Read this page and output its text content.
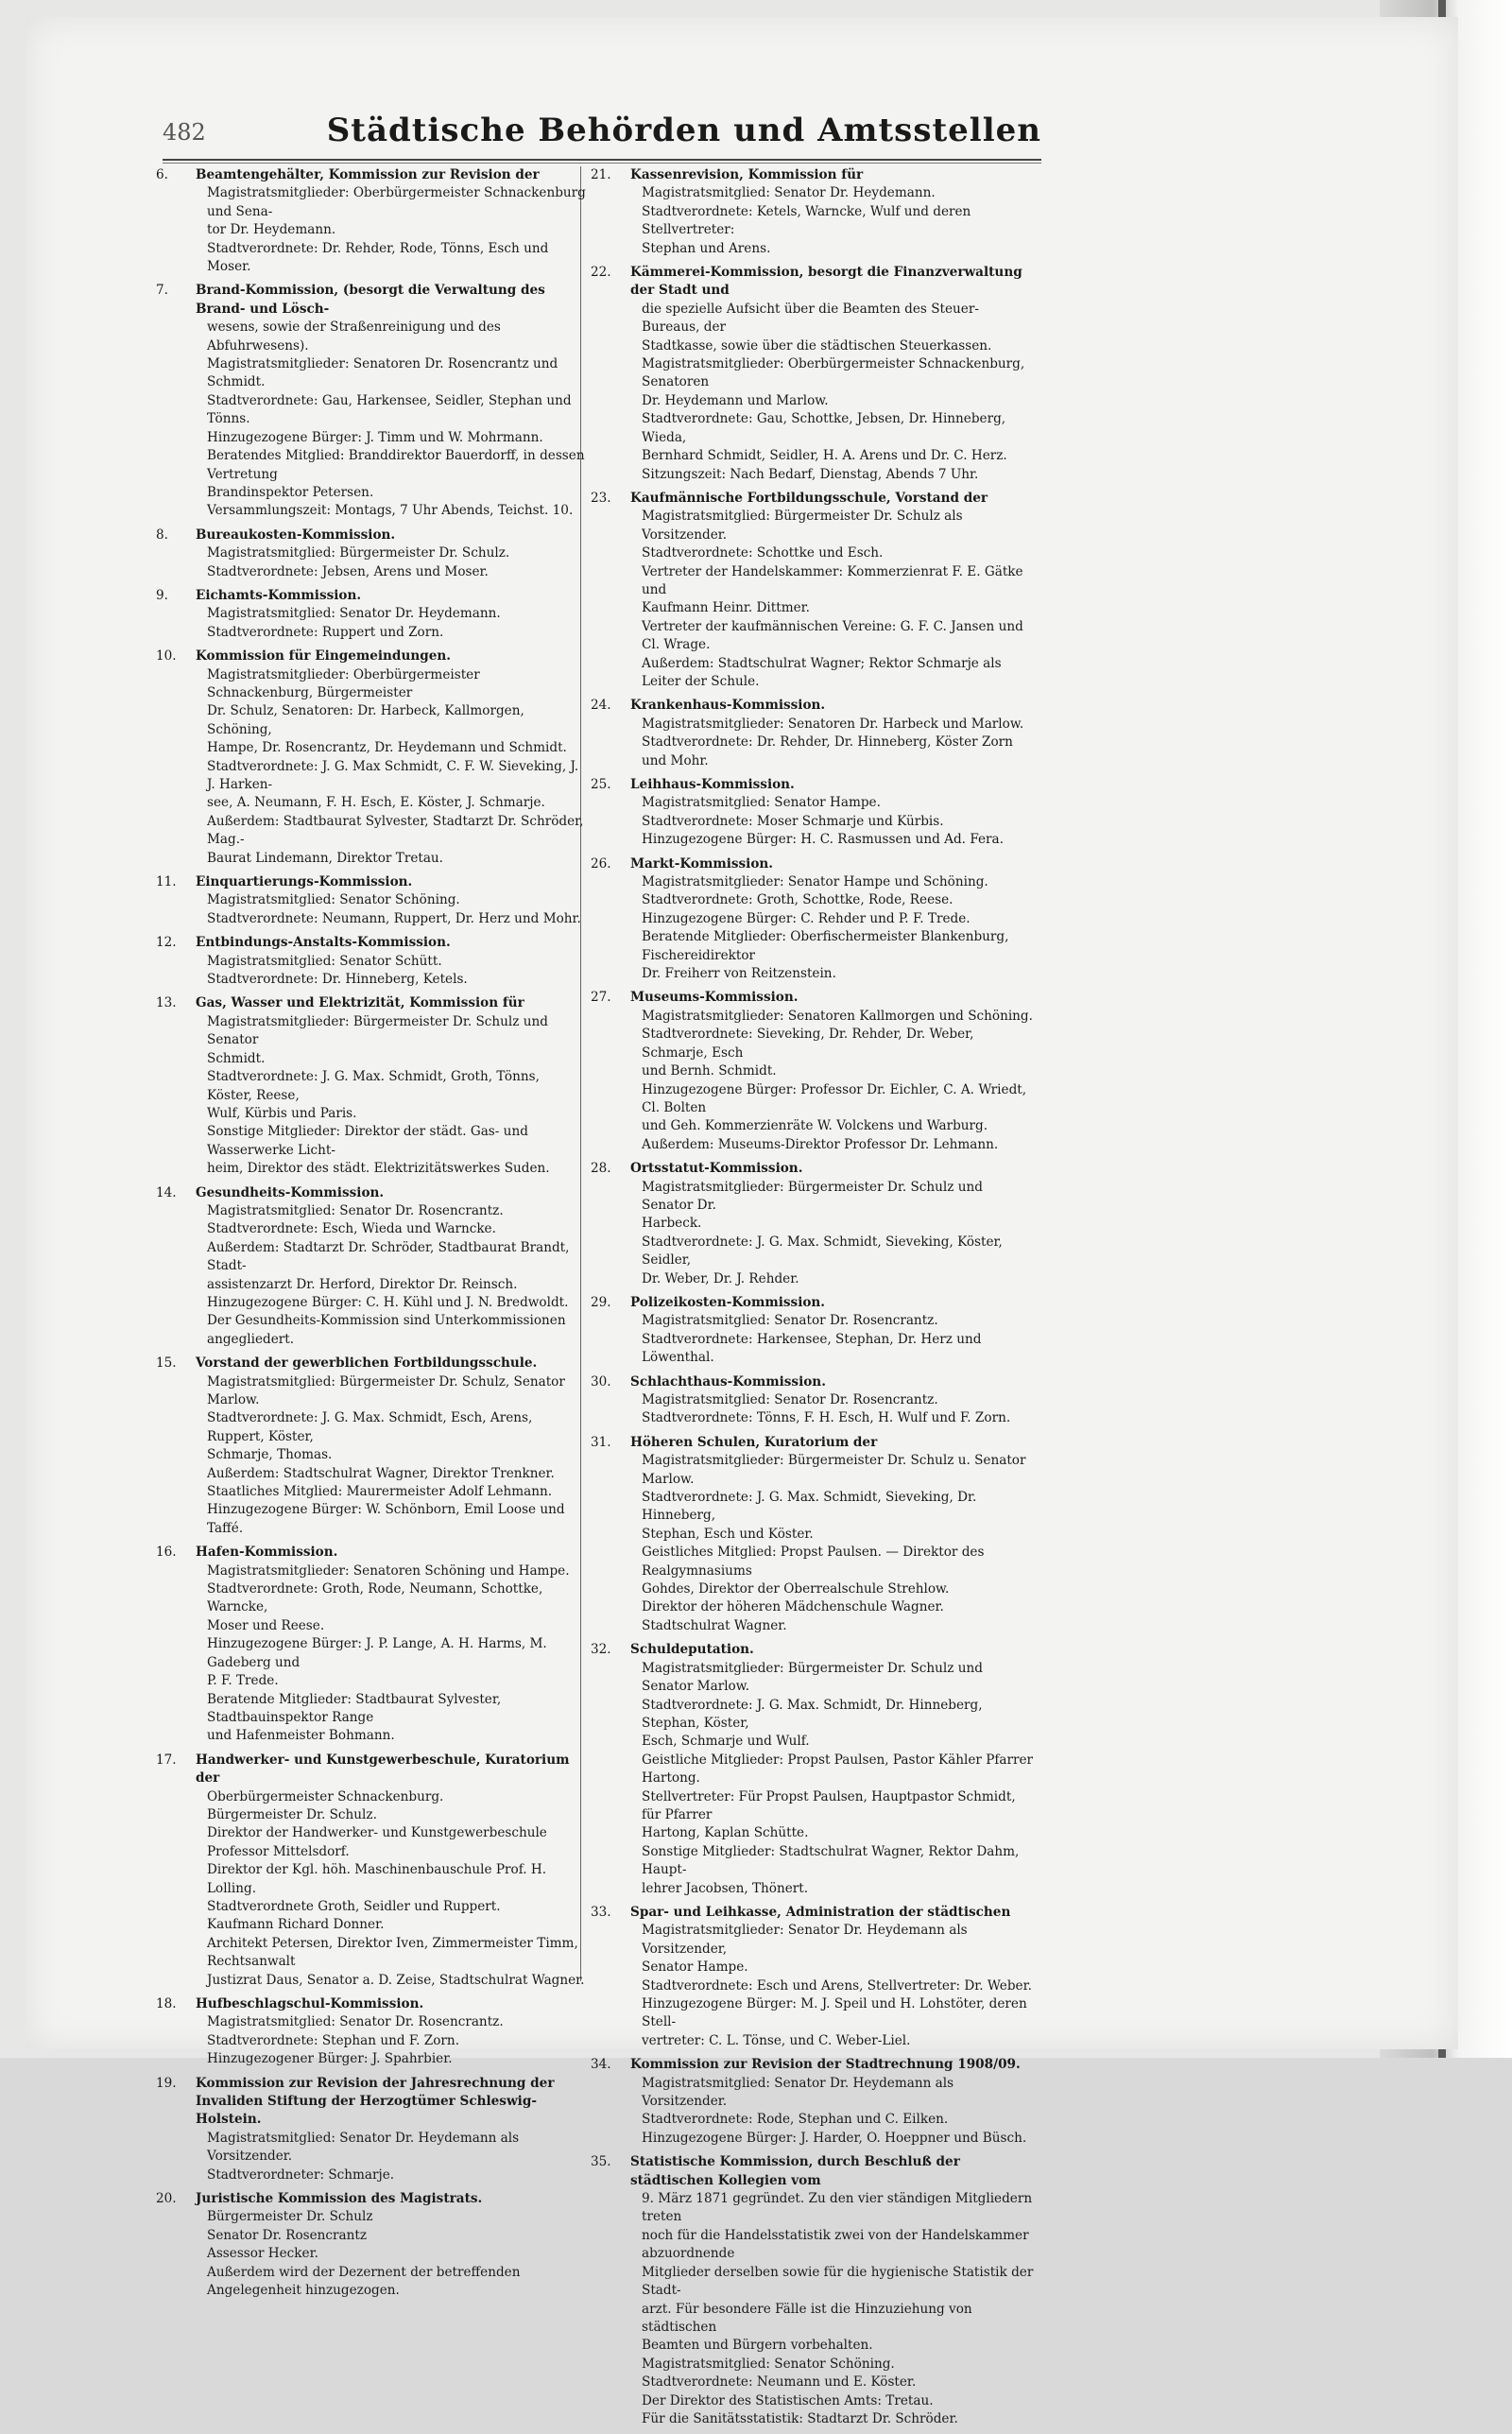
482	Städtische Behörden und Amtsstellen
6. Beamtengehälter, Kommission zur Revision der
Magistratsmitglieder: Oberbürgermeister Schnackenburg und Sena-
tor Dr. Heydemann.
Stadtverordnete: Dr. Rehder, Rode, Tönns, Esch und Moser.
7. Brand-Kommission, (besorgt die Verwaltung des Brand- und Lösch-
wesens, sowie der Straßenreinigung und des Abfuhrwesens).
Magistratsmitglieder: Senatoren Dr. Rosencrantz und Schmidt.
Stadtverordnete: Gau, Harkensee, Seidler, Stephan und Tönns.
Hinzugezogene Bürger: J. Timm und W. Mohrmann.
Beratendes Mitglied: Branddirektor Bauerdorff, in dessen Vertretung
Brandinspektor Petersen.
Versammlungszeit: Montags, 7 Uhr Abends, Teichst. 10.
8. Bureaukosten-Kommission.
Magistratsmitglied: Bürgermeister Dr. Schulz.
Stadtverordnete: Jebsen, Arens und Moser.
9. Eichamts-Kommission.
Magistratsmitglied: Senator Dr. Heydemann.
Stadtverordnete: Ruppert und Zorn.
10. Kommission für Eingemeindungen.
Magistratsmitglieder: Oberbürgermeister Schnackenburg, Bürgermeister
Dr. Schulz, Senatoren: Dr. Harbeck, Kallmorgen, Schöning,
Hampe, Dr. Rosencrantz, Dr. Heydemann und Schmidt.
Stadtverordnete: J. G. Max Schmidt, C. F. W. Sieveking, J. J. Harken-
see, A. Neumann, F. H. Esch, E. Köster, J. Schmarje.
Außerdem: Stadtbaurat Sylvester, Stadtarzt Dr. Schröder, Mag.-
Baurat Lindemann, Direktor Tretau.
11. Einquartierungs-Kommission.
Magistratsmitglied: Senator Schöning.
Stadtverordnete: Neumann, Ruppert, Dr. Herz und Mohr.
12. Entbindungs-Anstalts-Kommission.
Magistratsmitglied: Senator Schütt.
Stadtverordnete: Dr. Hinneberg, Ketels.
13. Gas, Wasser und Elektrizität, Kommission für
Magistratsmitglieder: Bürgermeister Dr. Schulz und Senator
Schmidt.
Stadtverordnete: J. G. Max. Schmidt, Groth, Tönns, Köster, Reese,
Wulf, Kürbis und Paris.
Sonstige Mitglieder: Direktor der städt. Gas- und Wasserwerke Licht-
heim, Direktor des städt. Elektrizitätswerkes Suden.
14. Gesundheits-Kommission.
Magistratsmitglied: Senator Dr. Rosencrantz.
Stadtverordnete: Esch, Wieda und Warncke.
Außerdem: Stadtarzt Dr. Schröder, Stadtbaurat Brandt, Stadt-
assistenzarzt Dr. Herford, Direktor Dr. Reinsch.
Hinzugezogene Bürger: C. H. Kühl und J. N. Bredwoldt.
Der Gesundheits-Kommission sind Unterkommissionen angegliedert.
15. Vorstand der gewerblichen Fortbildungsschule.
Magistratsmitglied: Bürgermeister Dr. Schulz, Senator Marlow.
Stadtverordnete: J. G. Max. Schmidt, Esch, Arens, Ruppert, Köster,
Schmarje, Thomas.
Außerdem: Stadtschulrat Wagner, Direktor Trenkner.
Staatliches Mitglied: Maurermeister Adolf Lehmann.
Hinzugezogene Bürger: W. Schönborn, Emil Loose und Taffé.
16. Hafen-Kommission.
Magistratsmitglieder: Senatoren Schöning und Hampe.
Stadtverordnete: Groth, Rode, Neumann, Schottke, Warncke,
Moser und Reese.
Hinzugezogene Bürger: J. P. Lange, A. H. Harms, M. Gadeberg und
P. F. Trede.
Beratende Mitglieder: Stadtbaurat Sylvester, Stadtbauinspektor Range
und Hafenmeister Bohmann.
17. Handwerker- und Kunstgewerbeschule, Kuratorium der
Oberbürgermeister Schnackenburg.
Bürgermeister Dr. Schulz.
Direktor der Handwerker- und Kunstgewerbeschule Professor Mittelsdorf.
Direktor der Kgl. höh. Maschinenbauschule Prof. H. Lolling.
Stadtverordnete Groth, Seidler und Ruppert.
Kaufmann Richard Donner.
Architekt Petersen, Direktor Iven, Zimmermeister Timm, Rechtsanwalt
Justizrat Daus, Senator a. D. Zeise, Stadtschulrat Wagner.
18. Hufbeschlagschul-Kommission.
Magistratsmitglied: Senator Dr. Rosencrantz.
Stadtverordnete: Stephan und F. Zorn.
Hinzugezogener Bürger: J. Spahrbier.
19. Kommission zur Revision der Jahresrechnung der Invaliden Stiftung der Herzogtümer Schleswig-Holstein.
Magistratsmitglied: Senator Dr. Heydemann als Vorsitzender.
Stadtverordneter: Schmarje.
20. Juristische Kommission des Magistrats.
Bürgermeister Dr. Schulz
Senator Dr. Rosencrantz
Assessor Hecker.
Außerdem wird der Dezernent der betreffenden Angelegenheit hinzugezogen.
21. Kassenrevision, Kommission für
Magistratsmitglied: Senator Dr. Heydemann.
Stadtverordnete: Ketels, Warncke, Wulf und deren Stellvertreter:
Stephan und Arens.
22. Kämmerei-Kommission, besorgt die Finanzverwaltung der Stadt und
die spezielle Aufsicht über die Beamten des Steuer-Bureaus, der
Stadtkasse, sowie über die städtischen Steuerkassen.
Magistratsmitglieder: Oberbürgermeister Schnackenburg, Senatoren
Dr. Heydemann und Marlow.
Stadtverordnete: Gau, Schottke, Jebsen, Dr. Hinneberg, Wieda,
Bernhard Schmidt, Seidler, H. A. Arens und Dr. C. Herz.
Sitzungszeit: Nach Bedarf, Dienstag, Abends 7 Uhr.
23. Kaufmännische Fortbildungsschule, Vorstand der
Magistratsmitglied: Bürgermeister Dr. Schulz als Vorsitzender.
Stadtverordnete: Schottke und Esch.
Vertreter der Handelskammer: Kommerzienrat F. E. Gätke und
Kaufmann Heinr. Dittmer.
Vertreter der kaufmännischen Vereine: G. F. C. Jansen und Cl. Wrage.
Außerdem: Stadtschulrat Wagner; Rektor Schmarje als Leiter der Schule.
24. Krankenhaus-Kommission.
Magistratsmitglieder: Senatoren Dr. Harbeck und Marlow.
Stadtverordnete: Dr. Rehder, Dr. Hinneberg, Köster Zorn und Mohr.
25. Leihhaus-Kommission.
Magistratsmitglied: Senator Hampe.
Stadtverordnete: Moser Schmarje und Kürbis.
Hinzugezogene Bürger: H. C. Rasmussen und Ad. Fera.
26. Markt-Kommission.
Magistratsmitglieder: Senator Hampe und Schöning.
Stadtverordnete: Groth, Schottke, Rode, Reese.
Hinzugezogene Bürger: C. Rehder und P. F. Trede.
Beratende Mitglieder: Oberfischermeister Blankenburg, Fischereidirektor
Dr. Freiherr von Reitzenstein.
27. Museums-Kommission.
Magistratsmitglieder: Senatoren Kallmorgen und Schöning.
Stadtverordnete: Sieveking, Dr. Rehder, Dr. Weber, Schmarje, Esch
und Bernh. Schmidt.
Hinzugezogene Bürger: Professor Dr. Eichler, C. A. Wriedt, Cl. Bolten
und Geh. Kommerzienräte W. Volckens und Warburg.
Außerdem: Museums-Direktor Professor Dr. Lehmann.
28. Ortsstatut-Kommission.
Magistratsmitglieder: Bürgermeister Dr. Schulz und Senator Dr.
Harbeck.
Stadtverordnete: J. G. Max. Schmidt, Sieveking, Köster, Seidler,
Dr. Weber, Dr. J. Rehder.
29. Polizeikosten-Kommission.
Magistratsmitglied: Senator Dr. Rosencrantz.
Stadtverordnete: Harkensee, Stephan, Dr. Herz und Löwenthal.
30. Schlachthaus-Kommission.
Magistratsmitglied: Senator Dr. Rosencrantz.
Stadtverordnete: Tönns, F. H. Esch, H. Wulf und F. Zorn.
31. Höheren Schulen, Kuratorium der
Magistratsmitglieder: Bürgermeister Dr. Schulz u. Senator Marlow.
Stadtverordnete: J. G. Max. Schmidt, Sieveking, Dr. Hinneberg,
Stephan, Esch und Köster.
Geistliches Mitglied: Propst Paulsen. — Direktor des Realgymnasiums
Gohdes, Direktor der Oberrealschule Strehlow.
Direktor der höheren Mädchenschule Wagner. Stadtschulrat Wagner.
32. Schuldeputation.
Magistratsmitglieder: Bürgermeister Dr. Schulz und Senator Marlow.
Stadtverordnete: J. G. Max. Schmidt, Dr. Hinneberg, Stephan, Köster,
Esch, Schmarje und Wulf.
Geistliche Mitglieder: Propst Paulsen, Pastor Kähler Pfarrer Hartong.
Stellvertreter: Für Propst Paulsen, Hauptpastor Schmidt, für Pfarrer
Hartong, Kaplan Schütte.
Sonstige Mitglieder: Stadtschulrat Wagner, Rektor Dahm, Haupt-
lehrer Jacobsen, Thönert.
33. Spar- und Leihkasse, Administration der städtischen
Magistratsmitglieder: Senator Dr. Heydemann als Vorsitzender,
Senator Hampe.
Stadtverordnete: Esch und Arens, Stellvertreter: Dr. Weber.
Hinzugezogene Bürger: M. J. Speil und H. Lohstöter, deren Stell-
vertreter: C. L. Tönse, und C. Weber-Liel.
34. Kommission zur Revision der Stadtrechnung 1908/09.
Magistratsmitglied: Senator Dr. Heydemann als Vorsitzender.
Stadtverordnete: Rode, Stephan und C. Eilken.
Hinzugezogene Bürger: J. Harder, O. Hoeppner und Büsch.
35. Statistische Kommission, durch Beschluß der städtischen Kollegien vom
9. März 1871 gegründet. Zu den vier ständigen Mitgliedern treten
noch für die Handelsstatistik zwei von der Handelskammer abzuordnende
Mitglieder derselben sowie für die hygienische Statistik der Stadt-
arzt. Für besondere Fälle ist die Hinzuziehung von städtischen
Beamten und Bürgern vorbehalten.
Magistratsmitglied: Senator Schöning.
Stadtverordnete: Neumann und E. Köster.
Der Direktor des Statistischen Amts: Tretau.
Für die Sanitätsstatistik: Stadtarzt Dr. Schröder.
